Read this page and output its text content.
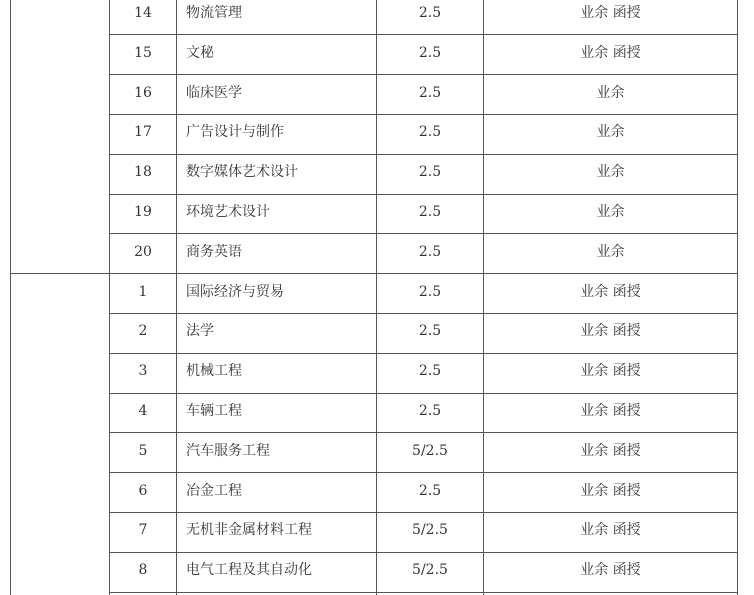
14	物流管理	2.5	业余 函授
15	文秘	2.5	业余 函授
16	临床医学	2.5	业余
17	广告设计与制作	2.5	业余
18	数字媒体艺术设计	2.5	业余
19	环境艺术设计	2.5	业余
20	商务英语	2.5	业余
1	国际经济与贸易	2.5	业余 函授
2	法学	2.5	业余 函授
3	机械工程	2.5	业余 函授
4	车辆工程	2.5	业余 函授
5	汽车服务工程	5/2.5	业余 函授
6	冶金工程	2.5	业余 函授
7	无机非金属材料工程	5/2.5	业余 函授
8	电气工程及其自动化	5/2.5	业余 函授
